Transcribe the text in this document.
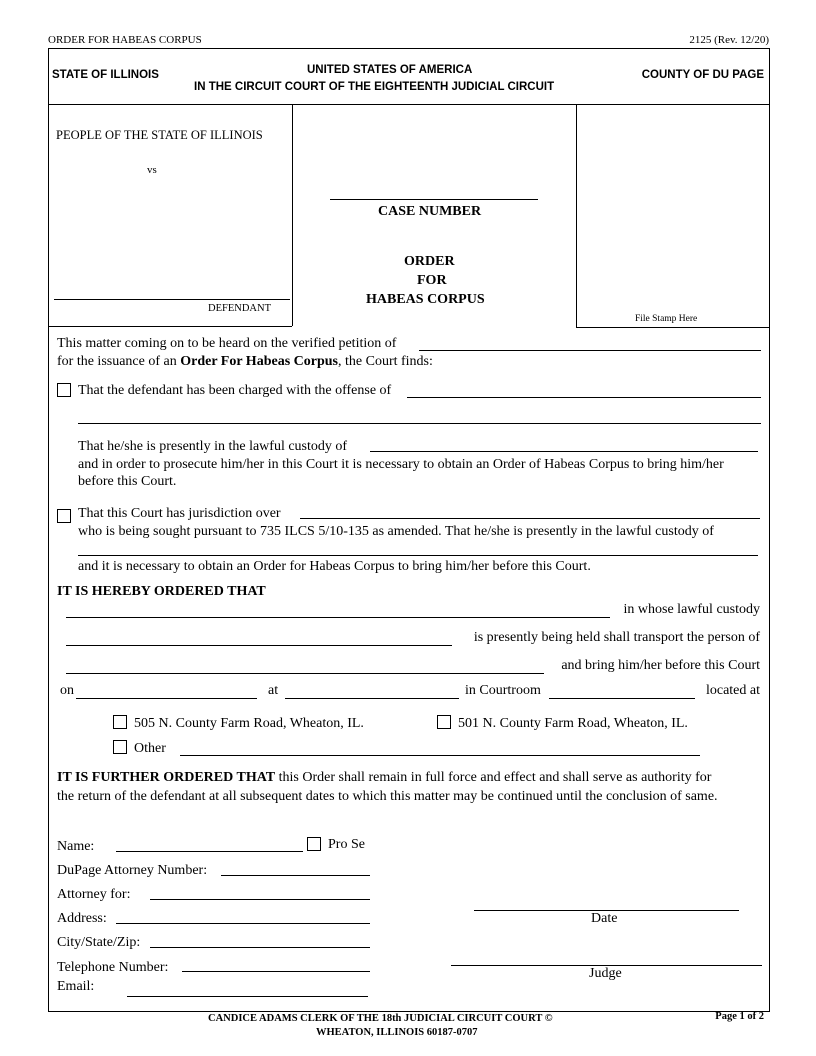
ORDER FOR HABEAS CORPUS	2125 (Rev. 12/20)
STATE OF ILLINOIS	UNITED STATES OF AMERICA
IN THE CIRCUIT COURT OF THE EIGHTEENTH JUDICIAL CIRCUIT
COUNTY OF DU PAGE
PEOPLE OF THE STATE OF ILLINOIS
vs
DEFENDANT
CASE NUMBER
ORDER
FOR
HABEAS CORPUS
File Stamp Here
This matter coming on to be heard on the verified petition of
for the issuance of an Order For Habeas Corpus, the Court finds:
That the defendant has been charged with the offense of
That he/she is presently in the lawful custody of
and in order to prosecute him/her in this Court it is necessary to obtain an Order of Habeas Corpus to bring him/her
before this Court.
That this Court has jurisdiction over
who is being sought pursuant to 735 ILCS 5/10-135 as amended. That he/she is presently in the lawful custody of
and it is necessary to obtain an Order for Habeas Corpus to bring him/her before this Court.
IT IS HEREBY ORDERED THAT
in whose lawful custody
is presently being held shall transport the person of
and bring him/her before this Court
on	at	in Courtroom	located at
505 N. County Farm Road, Wheaton, IL.	501 N. County Farm Road, Wheaton, IL.
Other
IT IS FURTHER ORDERED THAT this Order shall remain in full force and effect and shall serve as authority for
the return of the defendant at all subsequent dates to which this matter may be continued until the conclusion of same.
Name:	Pro Se
DuPage Attorney Number:
Attorney for:
Address:
City/State/Zip:
Telephone Number:
Email:
Date
Judge
CANDICE ADAMS CLERK OF THE 18th JUDICIAL CIRCUIT COURT ©
WHEATON, ILLINOIS 60187-0707
Page 1 of 2
